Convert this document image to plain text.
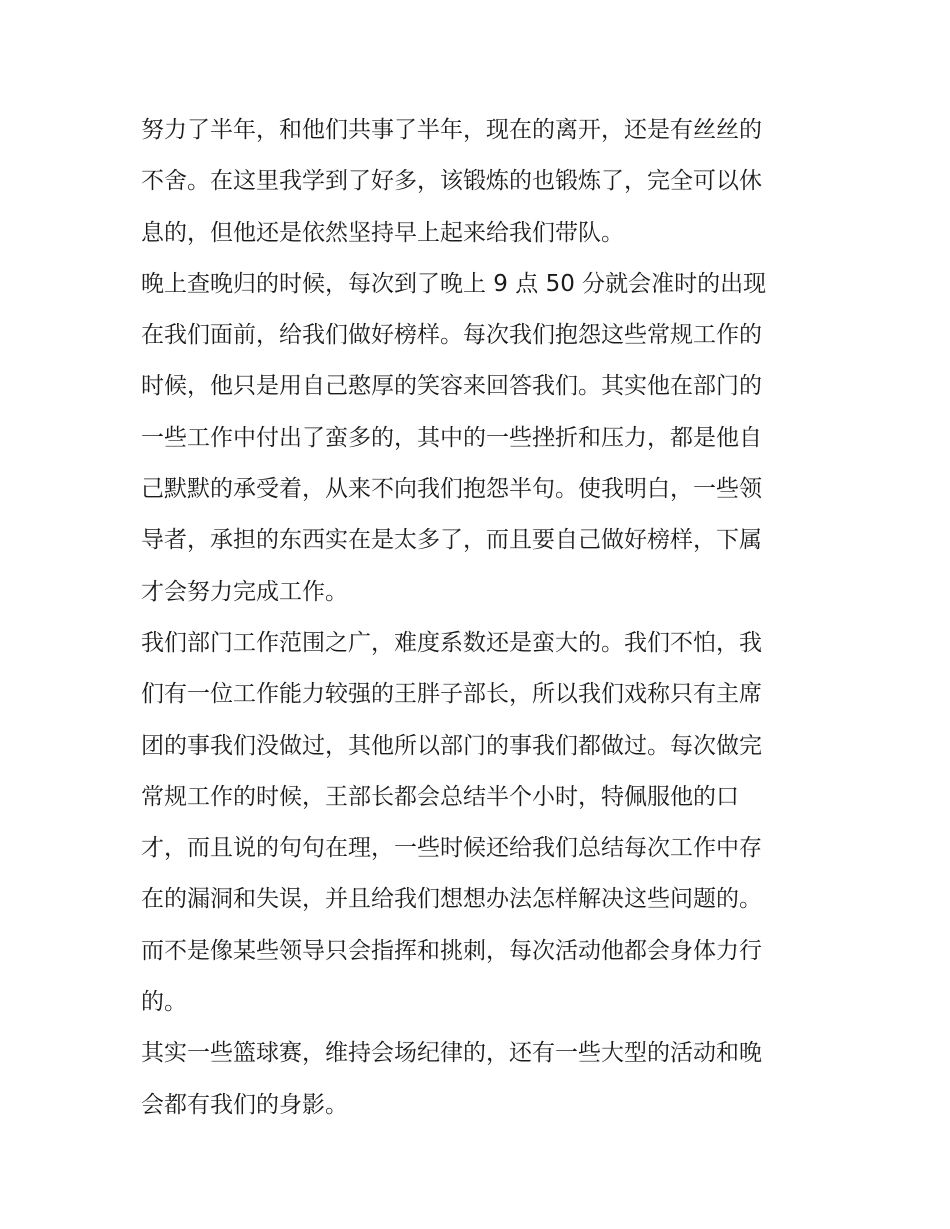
努力了半年，和他们共事了半年，现在的离开，还是有丝丝的
不舍。在这里我学到了好多，该锻炼的也锻炼了，完全可以休
息的，但他还是依然坚持早上起来给我们带队。
晚上查晚归的时候，每次到了晚上 9 点 50 分就会准时的出现
在我们面前，给我们做好榜样。每次我们抱怨这些常规工作的
时候，他只是用自己憨厚的笑容来回答我们。其实他在部门的
一些工作中付出了蛮多的，其中的一些挫折和压力，都是他自
己默默的承受着，从来不向我们抱怨半句。使我明白，一些领
导者，承担的东西实在是太多了，而且要自己做好榜样，下属
才会努力完成工作。
我们部门工作范围之广，难度系数还是蛮大的。我们不怕，我
们有一位工作能力较强的王胖子部长，所以我们戏称只有主席
团的事我们没做过，其他所以部门的事我们都做过。每次做完
常规工作的时候，王部长都会总结半个小时，特佩服他的口
才，而且说的句句在理，一些时候还给我们总结每次工作中存
在的漏洞和失误，并且给我们想想办法怎样解决这些问题的。
而不是像某些领导只会指挥和挑刺，每次活动他都会身体力行
的。
其实一些篮球赛，维持会场纪律的，还有一些大型的活动和晚
会都有我们的身影。
